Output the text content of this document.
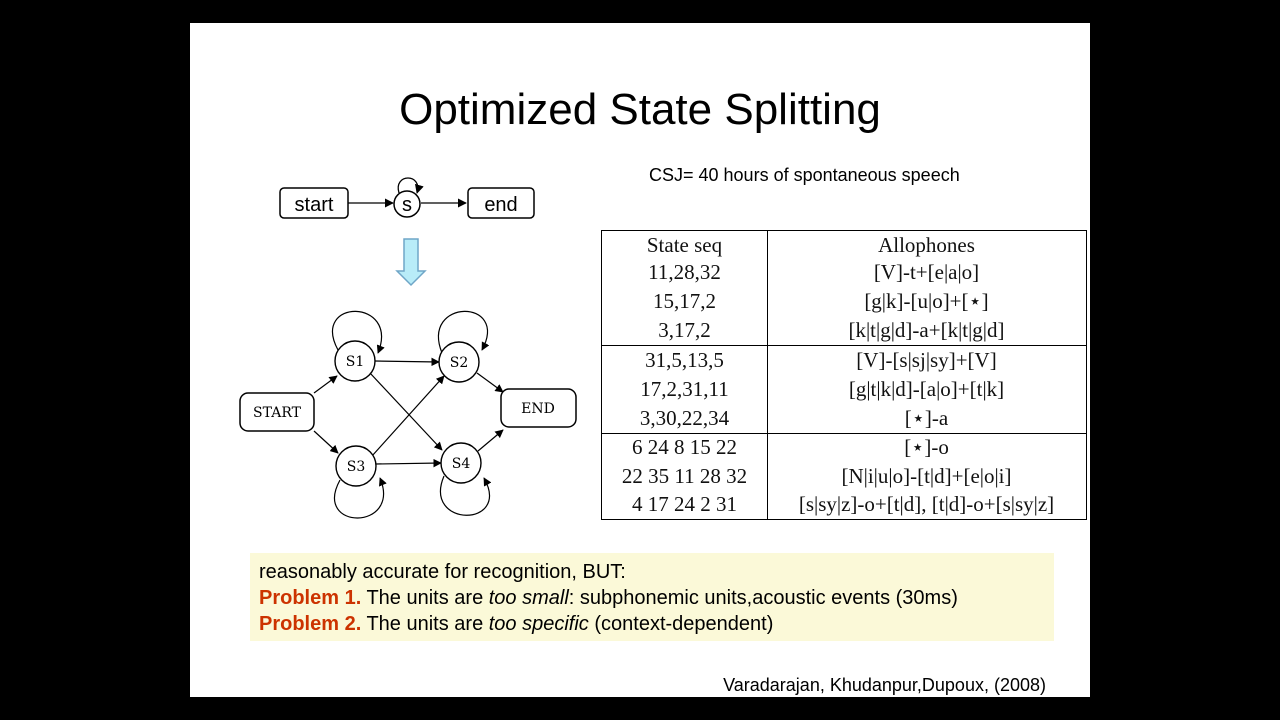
Optimized State Splitting
CSJ= 40 hours of spontaneous speech
start	s	end
START
S1	S2
S3	S4
END
State seq	Allophones
11,28,32	[V]-t+[e|a|o]
15,17,2	[g|k]-[u|o]+[⋆]
3,17,2	[k|t|g|d]-a+[k|t|g|d]
31,5,13,5	[V]-[s|sj|sy]+[V]
17,2,31,11	[g|t|k|d]-[a|o]+[t|k]
3,30,22,34	[⋆]-a
6 24 8 15 22	[⋆]-o
22 35 11 28 32	[N|i|u|o]-[t|d]+[e|o|i]
4 17 24 2 31	[s|sy|z]-o+[t|d], [t|d]-o+[s|sy|z]
reasonably accurate for recognition, BUT:
Problem 1. The units are too small: subphonemic units,acoustic events (30ms)
Problem 2. The units are too specific (context-dependent)
Varadarajan, Khudanpur,Dupoux, (2008)
